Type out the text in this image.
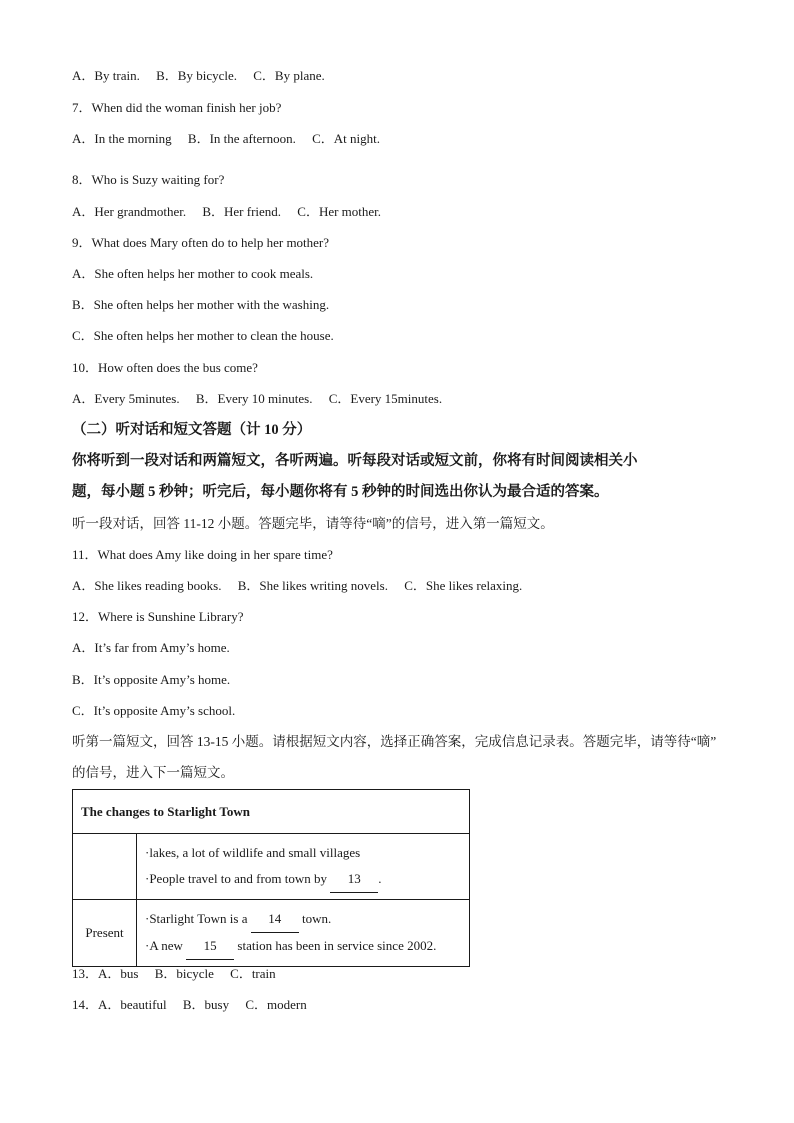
A．By train.     B．By bicycle.     C．By plane.
7．When did the woman finish her job?
A．In the morning     B．In the afternoon.     C．At night.
8．Who is Suzy waiting for?
A．Her grandmother.     B．Her friend.     C．Her mother.
9．What does Mary often do to help her mother?
A．She often helps her mother to cook meals.
B．She often helps her mother with the washing.
C．She often helps her mother to clean the house.
10．How often does the bus come?
A．Every 5minutes.     B．Every 10 minutes.     C．Every 15minutes.
（二）听对话和短文答题（计 10 分）
你将听到一段对话和两篇短文，各听两遍。听每段对话或短文前，你将有时间阅读相关小
题，每小题 5 秒钟；听完后，每小题你将有 5 秒钟的时间选出你认为最合适的答案。
听一段对话，回答 11-12 小题。答题完毕，请等待“嘀”的信号，进入第一篇短文。
11．What does Amy like doing in her spare time?
A．She likes reading books.     B．She likes writing novels.     C．She likes relaxing.
12．Where is Sunshine Library?
A．It’s far from Amy’s home.
B．It’s opposite Amy’s home.
C．It’s opposite Amy’s school.
听第一篇短文，回答 13-15 小题。请根据短文内容，选择正确答案，完成信息记录表。答题完毕，请等待“嘀”
的信号，进入下一篇短文。
The changes to Starlight Town	

	·lakes, a lot of wildlife and small villages
·People travel to and from town by 13 .

Present	·Starlight Town is a 14 town.
·A new 15 station has been in service since 2002.
13．A．bus     B．bicycle     C．train
14．A．beautiful     B．busy     C．modern
